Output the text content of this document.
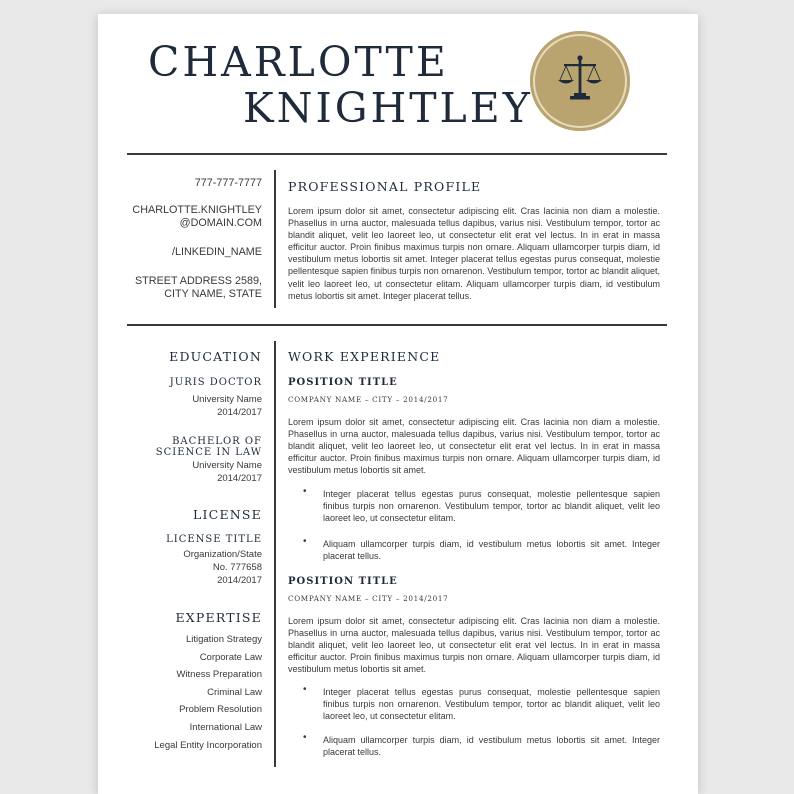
CHARLOTTE
KNIGHTLEY
777-777-7777
CHARLOTTE.KNIGHTLEY
@DOMAIN.COM
/LINKEDIN_NAME
STREET ADDRESS 2589,
CITY NAME, STATE
PROFESSIONAL PROFILE
Lorem ipsum dolor sit amet, consectetur adipiscing elit. Cras lacinia non diam a molestie. Phasellus in urna auctor, malesuada tellus dapibus, varius nisi. Vestibulum tempor, tortor ac blandit aliquet, velit leo laoreet leo, ut consectetur elit erat vel lectus. In in erat in massa efficitur auctor. Proin finibus maximus turpis non ornare. Aliquam ullamcorper turpis diam, id vestibulum metus lobortis sit amet. Integer placerat tellus egestas purus consequat, molestie pellentesque sapien finibus turpis non ornarenon. Vestibulum tempor, tortor ac blandit aliquet, velit leo laoreet leo, ut consectetur elitam. Aliquam ullamcorper turpis diam, id vestibulum metus lobortis sit amet. Integer placerat tellus.
EDUCATION
JURIS DOCTOR
University Name
2014/2017
BACHELOR OF
SCIENCE IN LAW
University Name
2014/2017
LICENSE
LICENSE TITLE
Organization/State
No. 777658
2014/2017
EXPERTISE
Litigation Strategy
Corporate Law
Witness Preparation
Criminal Law
Problem Resolution
International Law
Legal Entity Incorporation
WORK EXPERIENCE
POSITION TITLE
COMPANY NAME – CITY – 2014/2017
Lorem ipsum dolor sit amet, consectetur adipiscing elit. Cras lacinia non diam a molestie. Phasellus in urna auctor, malesuada tellus dapibus, varius nisi. Vestibulum tempor, tortor ac blandit aliquet, velit leo laoreet leo, ut consectetur elit erat vel lectus. In in erat in massa efficitur auctor. Proin finibus maximus turpis non ornare. Aliquam ullamcorper turpis diam, id vestibulum metus lobortis sit amet.
• Integer placerat tellus egestas purus consequat, molestie pellentesque sapien finibus turpis non ornarenon. Vestibulum tempor, tortor ac blandit aliquet, velit leo laoreet leo, ut consectetur elitam.
• Aliquam ullamcorper turpis diam, id vestibulum metus lobortis sit amet. Integer placerat tellus.
POSITION TITLE
COMPANY NAME – CITY – 2014/2017
Lorem ipsum dolor sit amet, consectetur adipiscing elit. Cras lacinia non diam a molestie. Phasellus in urna auctor, malesuada tellus dapibus, varius nisi. Vestibulum tempor, tortor ac blandit aliquet, velit leo laoreet leo, ut consectetur elit erat vel lectus. In in erat in massa efficitur auctor. Proin finibus maximus turpis non ornare. Aliquam ullamcorper turpis diam, id vestibulum metus lobortis sit amet.
• Integer placerat tellus egestas purus consequat, molestie pellentesque sapien finibus turpis non ornarenon. Vestibulum tempor, tortor ac blandit aliquet, velit leo laoreet leo, ut consectetur elitam.
• Aliquam ullamcorper turpis diam, id vestibulum metus lobortis sit amet. Integer placerat tellus.
